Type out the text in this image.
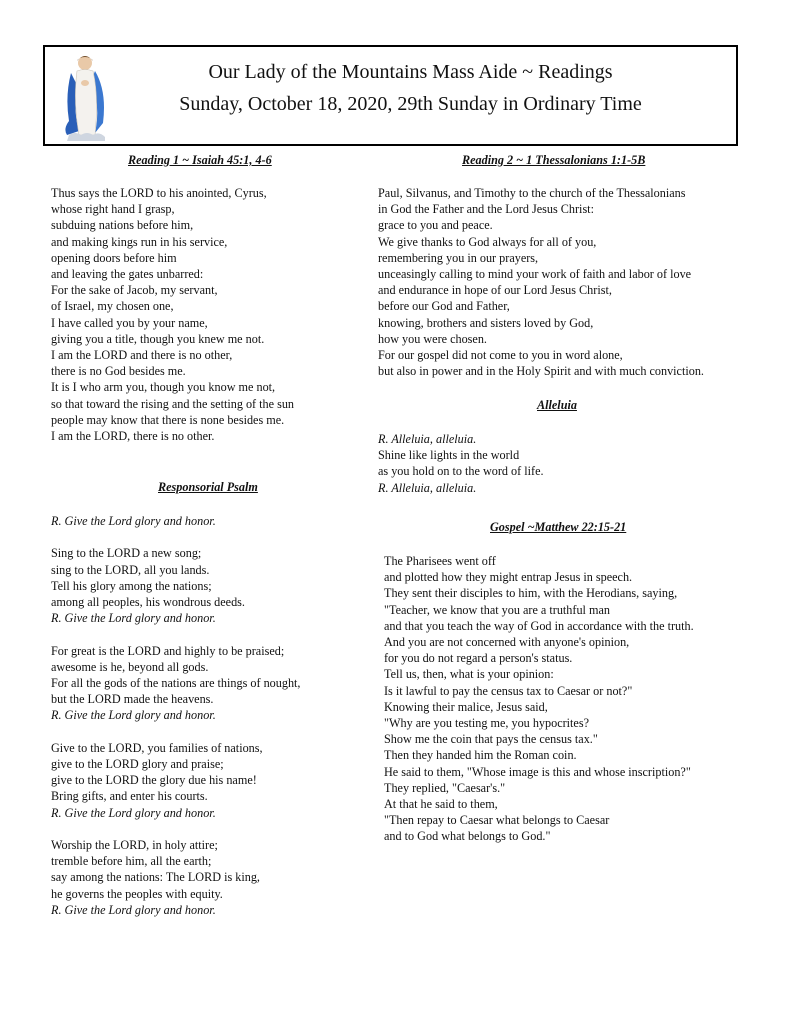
Our Lady of the Mountains Mass Aide ~ Readings
Sunday, October 18, 2020, 29th Sunday in Ordinary Time
Reading 1 ~ Isaiah 45:1, 4-6
Thus says the LORD to his anointed, Cyrus,
whose right hand I grasp,
subduing nations before him,
and making kings run in his service,
opening doors before him
and leaving the gates unbarred:
For the sake of Jacob, my servant,
of Israel, my chosen one,
I have called you by your name,
giving you a title, though you knew me not.
I am the LORD and there is no other,
there is no God besides me.
It is I who arm you, though you know me not,
so that toward the rising and the setting of the sun
people may know that there is none besides me.
I am the LORD, there is no other.
Responsorial Psalm
R. Give the Lord glory and honor.
Sing to the LORD a new song;
sing to the LORD, all you lands.
Tell his glory among the nations;
among all peoples, his wondrous deeds.
R. Give the Lord glory and honor.
For great is the LORD and highly to be praised;
awesome is he, beyond all gods.
For all the gods of the nations are things of nought,
but the LORD made the heavens.
R. Give the Lord glory and honor.
Give to the LORD, you families of nations,
give to the LORD glory and praise;
give to the LORD the glory due his name!
Bring gifts, and enter his courts.
R. Give the Lord glory and honor.
Worship the LORD, in holy attire;
tremble before him, all the earth;
say among the nations: The LORD is king,
he governs the peoples with equity.
R. Give the Lord glory and honor.
Reading 2 ~ 1 Thessalonians 1:1-5B
Paul, Silvanus, and Timothy to the church of the Thessalonians
in God the Father and the Lord Jesus Christ:
grace to you and peace.
We give thanks to God always for all of you,
remembering you in our prayers,
unceasingly calling to mind your work of faith and labor of love
and endurance in hope of our Lord Jesus Christ,
before our God and Father,
knowing, brothers and sisters loved by God,
how you were chosen.
For our gospel did not come to you in word alone,
but also in power and in the Holy Spirit and with much conviction.
Alleluia
R. Alleluia, alleluia.
Shine like lights in the world
as you hold on to the word of life.
R. Alleluia, alleluia.
Gospel ~Matthew 22:15-21
The Pharisees went off
and plotted how they might entrap Jesus in speech.
They sent their disciples to him, with the Herodians, saying,
"Teacher, we know that you are a truthful man
and that you teach the way of God in accordance with the truth.
And you are not concerned with anyone's opinion,
for you do not regard a person's status.
Tell us, then, what is your opinion:
Is it lawful to pay the census tax to Caesar or not?"
Knowing their malice, Jesus said,
"Why are you testing me, you hypocrites?
Show me the coin that pays the census tax."
Then they handed him the Roman coin.
He said to them, "Whose image is this and whose inscription?"
They replied, "Caesar's."
At that he said to them,
"Then repay to Caesar what belongs to Caesar
and to God what belongs to God."
